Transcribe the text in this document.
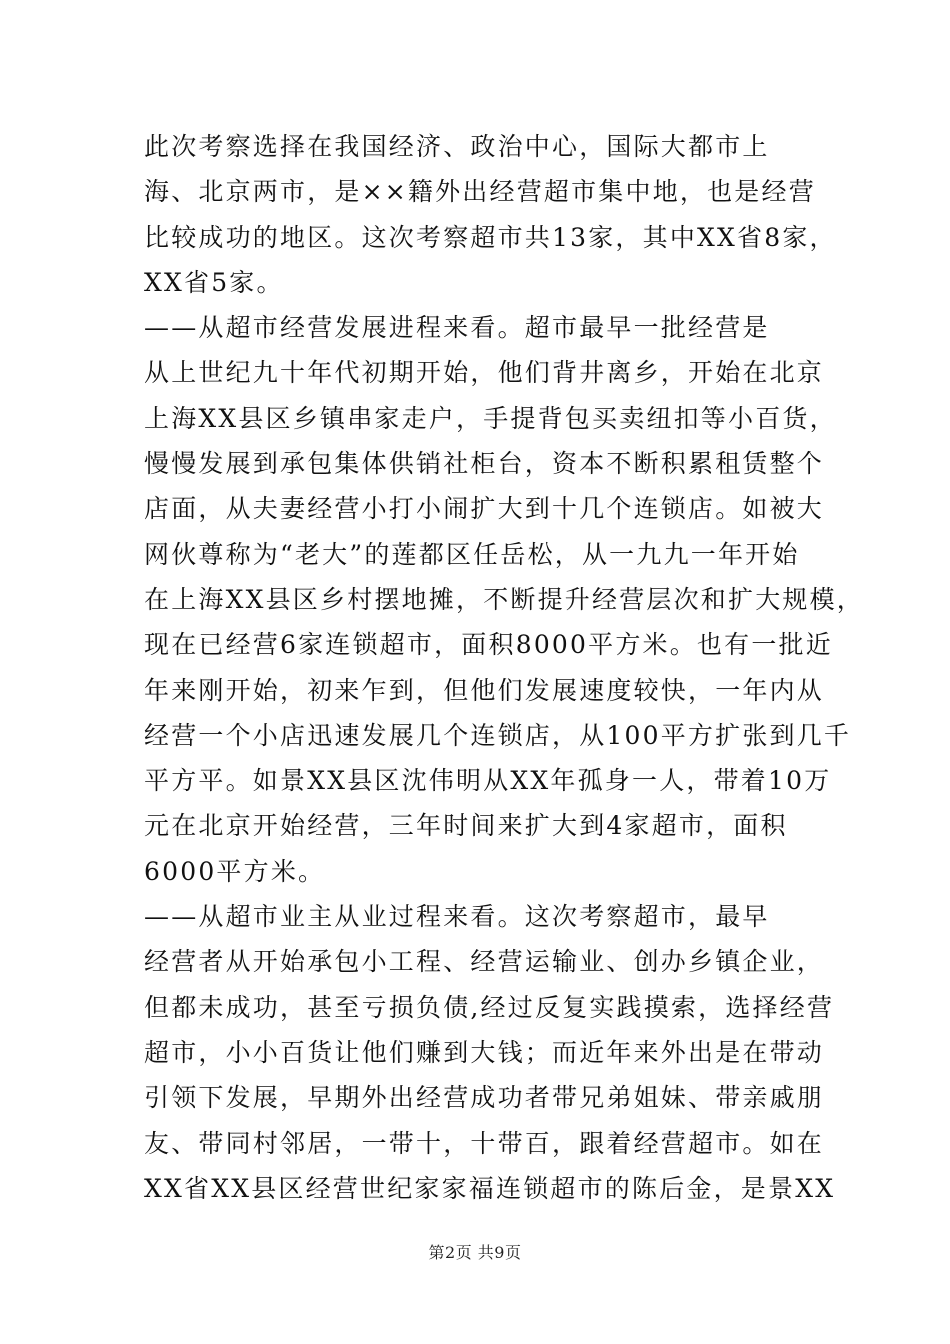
此次考察选择在我国经济、政治中心，国际大都市上
海、北京两市，是××籍外出经营超市集中地，也是经营
比较成功的地区。这次考察超市共13家，其中XX省8家，
XX省5家。
——从超市经营发展进程来看。超市最早一批经营是
从上世纪九十年代初期开始，他们背井离乡，开始在北京
上海XX县区乡镇串家走户，手提背包买卖纽扣等小百货，
慢慢发展到承包集体供销社柜台，资本不断积累租赁整个
店面，从夫妻经营小打小闹扩大到十几个连锁店。如被大
网伙尊称为“老大”的莲都区任岳松，从一九九一年开始
在上海XX县区乡村摆地摊，不断提升经营层次和扩大规模，
现在已经营6家连锁超市，面积8000平方米。也有一批近
年来刚开始，初来乍到，但他们发展速度较快，一年内从
经营一个小店迅速发展几个连锁店，从100平方扩张到几千
平方平。如景XX县区沈伟明从XX年孤身一人，带着10万
元在北京开始经营，三年时间来扩大到4家超市，面积
6000平方米。
——从超市业主从业过程来看。这次考察超市，最早
经营者从开始承包小工程、经营运输业、创办乡镇企业，
但都未成功，甚至亏损负债,经过反复实践摸索，选择经营
超市，小小百货让他们赚到大钱；而近年来外出是在带动
引领下发展，早期外出经营成功者带兄弟姐妹、带亲戚朋
友、带同村邻居，一带十，十带百，跟着经营超市。如在
XX省XX县区经营世纪家家福连锁超市的陈后金，是景XX
第2页 共9页
